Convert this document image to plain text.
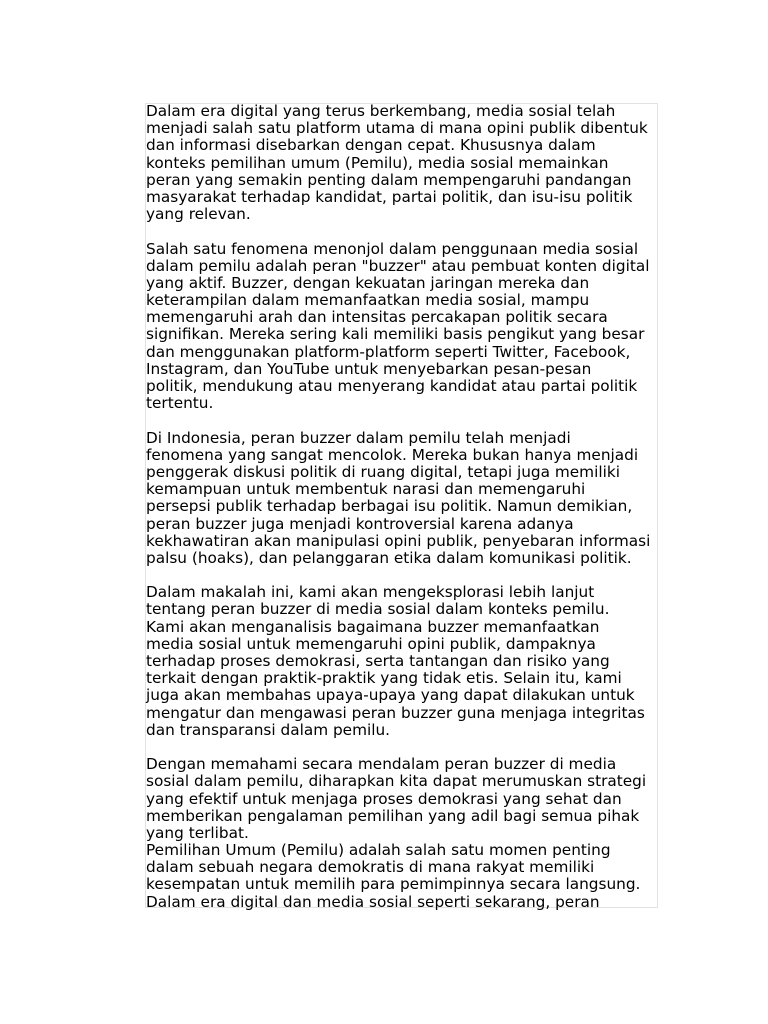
Dalam era digital yang terus berkembang, media sosial telah
menjadi salah satu platform utama di mana opini publik dibentuk
dan informasi disebarkan dengan cepat. Khususnya dalam
konteks pemilihan umum (Pemilu), media sosial memainkan
peran yang semakin penting dalam mempengaruhi pandangan
masyarakat terhadap kandidat, partai politik, dan isu-isu politik
yang relevan.
Salah satu fenomena menonjol dalam penggunaan media sosial
dalam pemilu adalah peran "buzzer" atau pembuat konten digital
yang aktif. Buzzer, dengan kekuatan jaringan mereka dan
keterampilan dalam memanfaatkan media sosial, mampu
memengaruhi arah dan intensitas percakapan politik secara
signifikan. Mereka sering kali memiliki basis pengikut yang besar
dan menggunakan platform-platform seperti Twitter, Facebook,
Instagram, dan YouTube untuk menyebarkan pesan-pesan
politik, mendukung atau menyerang kandidat atau partai politik
tertentu.
Di Indonesia, peran buzzer dalam pemilu telah menjadi
fenomena yang sangat mencolok. Mereka bukan hanya menjadi
penggerak diskusi politik di ruang digital, tetapi juga memiliki
kemampuan untuk membentuk narasi dan memengaruhi
persepsi publik terhadap berbagai isu politik. Namun demikian,
peran buzzer juga menjadi kontroversial karena adanya
kekhawatiran akan manipulasi opini publik, penyebaran informasi
palsu (hoaks), dan pelanggaran etika dalam komunikasi politik.
Dalam makalah ini, kami akan mengeksplorasi lebih lanjut
tentang peran buzzer di media sosial dalam konteks pemilu.
Kami akan menganalisis bagaimana buzzer memanfaatkan
media sosial untuk memengaruhi opini publik, dampaknya
terhadap proses demokrasi, serta tantangan dan risiko yang
terkait dengan praktik-praktik yang tidak etis. Selain itu, kami
juga akan membahas upaya-upaya yang dapat dilakukan untuk
mengatur dan mengawasi peran buzzer guna menjaga integritas
dan transparansi dalam pemilu.
Dengan memahami secara mendalam peran buzzer di media
sosial dalam pemilu, diharapkan kita dapat merumuskan strategi
yang efektif untuk menjaga proses demokrasi yang sehat dan
memberikan pengalaman pemilihan yang adil bagi semua pihak
yang terlibat.
Pemilihan Umum (Pemilu) adalah salah satu momen penting
dalam sebuah negara demokratis di mana rakyat memiliki
kesempatan untuk memilih para pemimpinnya secara langsung.
Dalam era digital dan media sosial seperti sekarang, peran
